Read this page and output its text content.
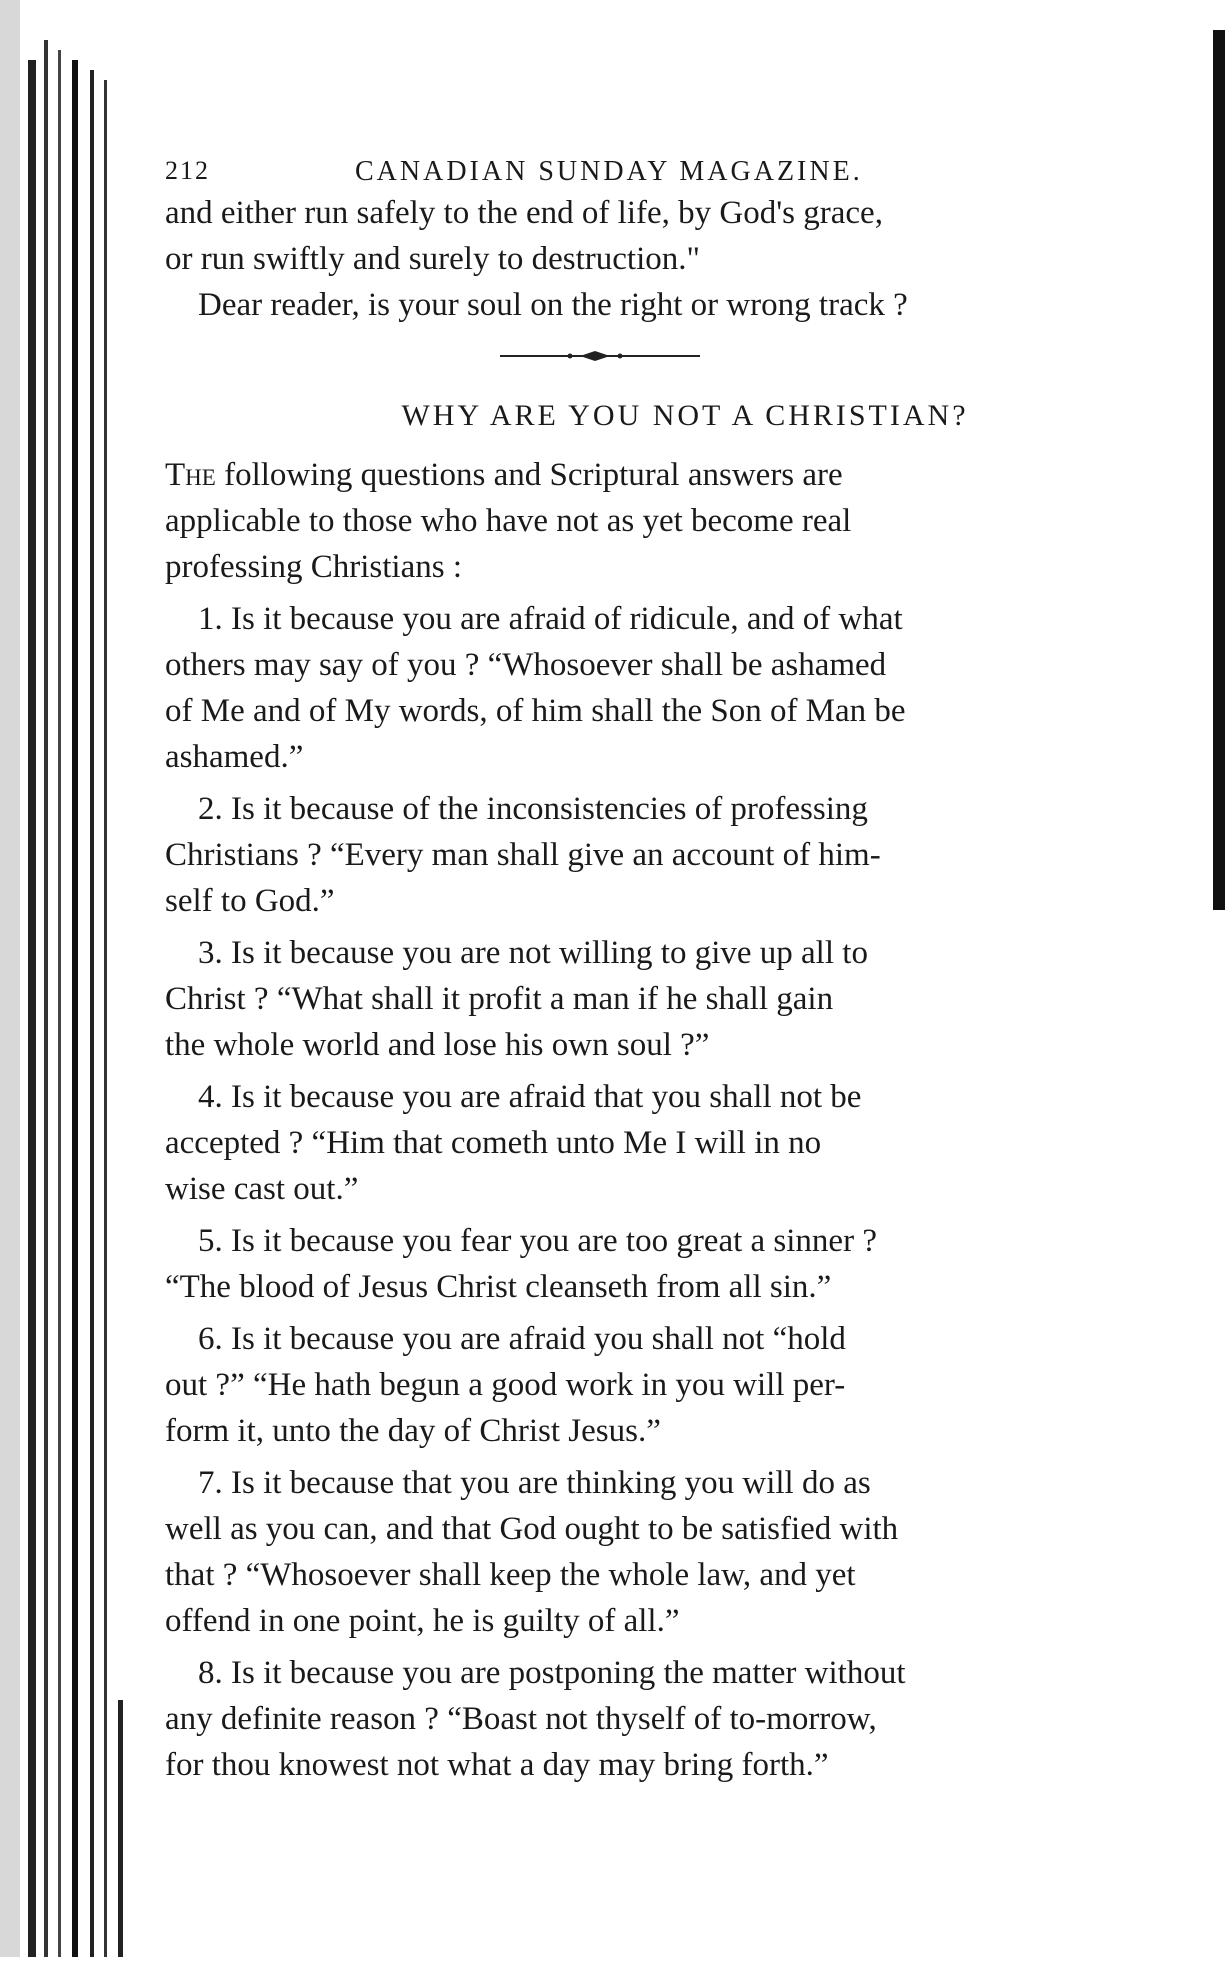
212	CANADIAN SUNDAY MAGAZINE.
and either run safely to the end of life, by God's grace,
or run swiftly and surely to destruction."
Dear reader, is your soul on the right or wrong track ?
WHY ARE YOU NOT A CHRISTIAN?
The following questions and Scriptural answers are
applicable to those who have not as yet become real
professing Christians :
1. Is it because you are afraid of ridicule, and of what
others may say of you ? “Whosoever shall be ashamed
of Me and of My words, of him shall the Son of Man be
ashamed.”
2. Is it because of the inconsistencies of professing
Christians ? “Every man shall give an account of him-
self to God.”
3. Is it because you are not willing to give up all to
Christ ? “What shall it profit a man if he shall gain
the whole world and lose his own soul ?”
4. Is it because you are afraid that you shall not be
accepted ? “Him that cometh unto Me I will in no
wise cast out.”
5. Is it because you fear you are too great a sinner ?
“The blood of Jesus Christ cleanseth from all sin.”
6. Is it because you are afraid you shall not “hold
out ?” “He hath begun a good work in you will per-
form it, unto the day of Christ Jesus.”
7. Is it because that you are thinking you will do as
well as you can, and that God ought to be satisfied with
that ? “Whosoever shall keep the whole law, and yet
offend in one point, he is guilty of all.”
8. Is it because you are postponing the matter without
any definite reason ? “Boast not thyself of to-morrow,
for thou knowest not what a day may bring forth.”
